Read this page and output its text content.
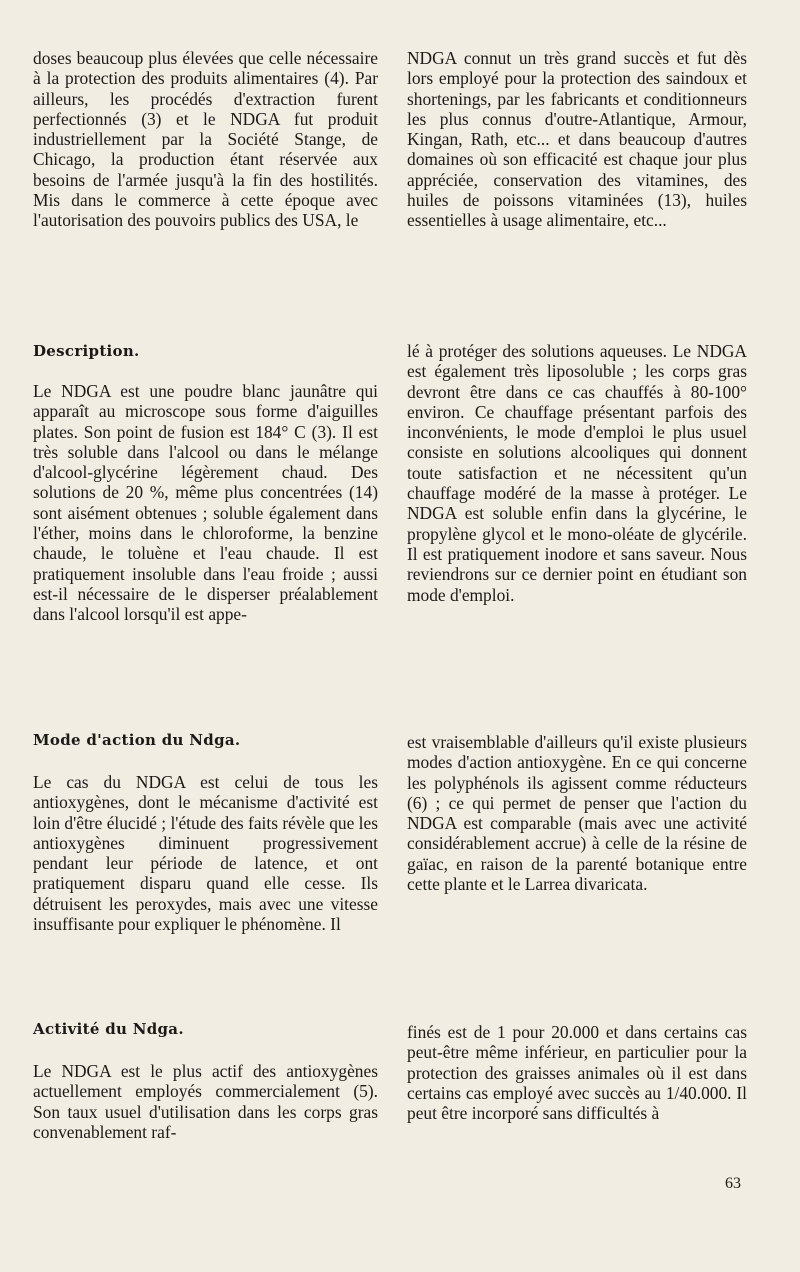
doses beaucoup plus élevées que celle nécessaire à la protection des produits alimentaires (4). Par ailleurs, les procédés d'extraction furent perfectionnés (3) et le NDGA fut produit industriellement par la Société Stange, de Chicago, la production étant réservée aux besoins de l'armée jusqu'à la fin des hostilités. Mis dans le commerce à cette époque avec l'autorisation des pouvoirs publics des USA, le

NDGA connut un très grand succès et fut dès lors employé pour la protection des saindoux et shortenings, par les fabricants et conditionneurs les plus connus d'outre-Atlantique, Armour, Kingan, Rath, etc... et dans beaucoup d'autres domaines où son efficacité est chaque jour plus appréciée, conservation des vitamines, des huiles de poissons vitaminées (13), huiles essentielles à usage alimentaire, etc...

Description.

Le NDGA est une poudre blanc jaunâtre qui apparaît au microscope sous forme d'aiguilles plates. Son point de fusion est 184° C (3). Il est très soluble dans l'alcool ou dans le mélange d'alcool-glycérine légèrement chaud. Des solutions de 20 %, même plus concentrées (14) sont aisément obtenues ; soluble également dans l'éther, moins dans le chloroforme, la benzine chaude, le toluène et l'eau chaude. Il est pratiquement insoluble dans l'eau froide ; aussi est-il nécessaire de le disperser préalablement dans l'alcool lorsqu'il est appe-

lé à protéger des solutions aqueuses. Le NDGA est également très liposoluble ; les corps gras devront être dans ce cas chauffés à 80-100° environ. Ce chauffage présentant parfois des inconvénients, le mode d'emploi le plus usuel consiste en solutions alcooliques qui donnent toute satisfaction et ne nécessitent qu'un chauffage modéré de la masse à protéger. Le NDGA est soluble enfin dans la glycérine, le propylène glycol et le mono-oléate de glycérile. Il est pratiquement inodore et sans saveur. Nous reviendrons sur ce dernier point en étudiant son mode d'emploi.

Mode d'action du Ndga.

Le cas du NDGA est celui de tous les antioxygènes, dont le mécanisme d'activité est loin d'être élucidé ; l'étude des faits révèle que les antioxygènes diminuent progressivement pendant leur période de latence, et ont pratiquement disparu quand elle cesse. Ils détruisent les peroxydes, mais avec une vitesse insuffisante pour expliquer le phénomène. Il

est vraisemblable d'ailleurs qu'il existe plusieurs modes d'action antioxygène. En ce qui concerne les polyphénols ils agissent comme réducteurs (6) ; ce qui permet de penser que l'action du NDGA est comparable (mais avec une activité considérablement accrue) à celle de la résine de gaïac, en raison de la parenté botanique entre cette plante et le Larrea divaricata.

Activité du Ndga.

Le NDGA est le plus actif des antioxygènes actuellement employés commercialement (5). Son taux usuel d'utilisation dans les corps gras convenablement raf-

finés est de 1 pour 20.000 et dans certains cas peut-être même inférieur, en particulier pour la protection des graisses animales où il est dans certains cas employé avec succès au 1/40.000. Il peut être incorporé sans difficultés à

63
